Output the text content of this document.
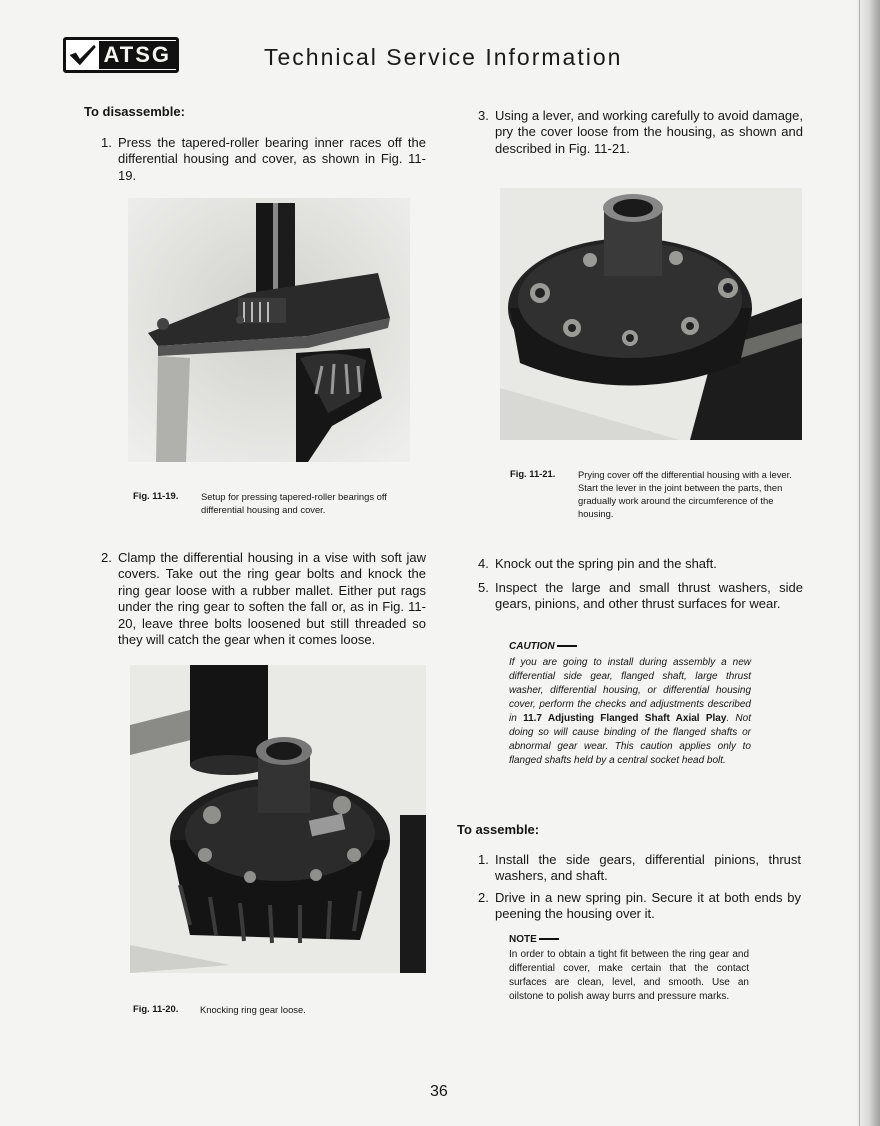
ATSG	Technical Service Information
To disassemble:
1. Press the tapered-roller bearing inner races off the differential housing and cover, as shown in Fig. 11-19.
Fig. 11-19. Setup for pressing tapered-roller bearings off differential housing and cover.
2. Clamp the differential housing in a vise with soft jaw covers. Take out the ring gear bolts and knock the ring gear loose with a rubber mallet. Either put rags under the ring gear to soften the fall or, as in Fig. 11-20, leave three bolts loosened but still threaded so they will catch the gear when it comes loose.
Fig. 11-20. Knocking ring gear loose.
3. Using a lever, and working carefully to avoid damage, pry the cover loose from the housing, as shown and described in Fig. 11-21.
Fig. 11-21. Prying cover off the differential housing with a lever. Start the lever in the joint between the parts, then gradually work around the circumference of the housing.
4. Knock out the spring pin and the shaft.
5. Inspect the large and small thrust washers, side gears, pinions, and other thrust surfaces for wear.
CAUTION
If you are going to install during assembly a new differential side gear, flanged shaft, large thrust washer, differential housing, or differential housing cover, perform the checks and adjustments described in 11.7 Adjusting Flanged Shaft Axial Play. Not doing so will cause binding of the flanged shafts or abnormal gear wear. This caution applies only to flanged shafts held by a central socket head bolt.
To assemble:
1. Install the side gears, differential pinions, thrust washers, and shaft.
2. Drive in a new spring pin. Secure it at both ends by peening the housing over it.
NOTE
In order to obtain a tight fit between the ring gear and differential cover, make certain that the contact surfaces are clean, level, and smooth. Use an oilstone to polish away burrs and pressure marks.
36
